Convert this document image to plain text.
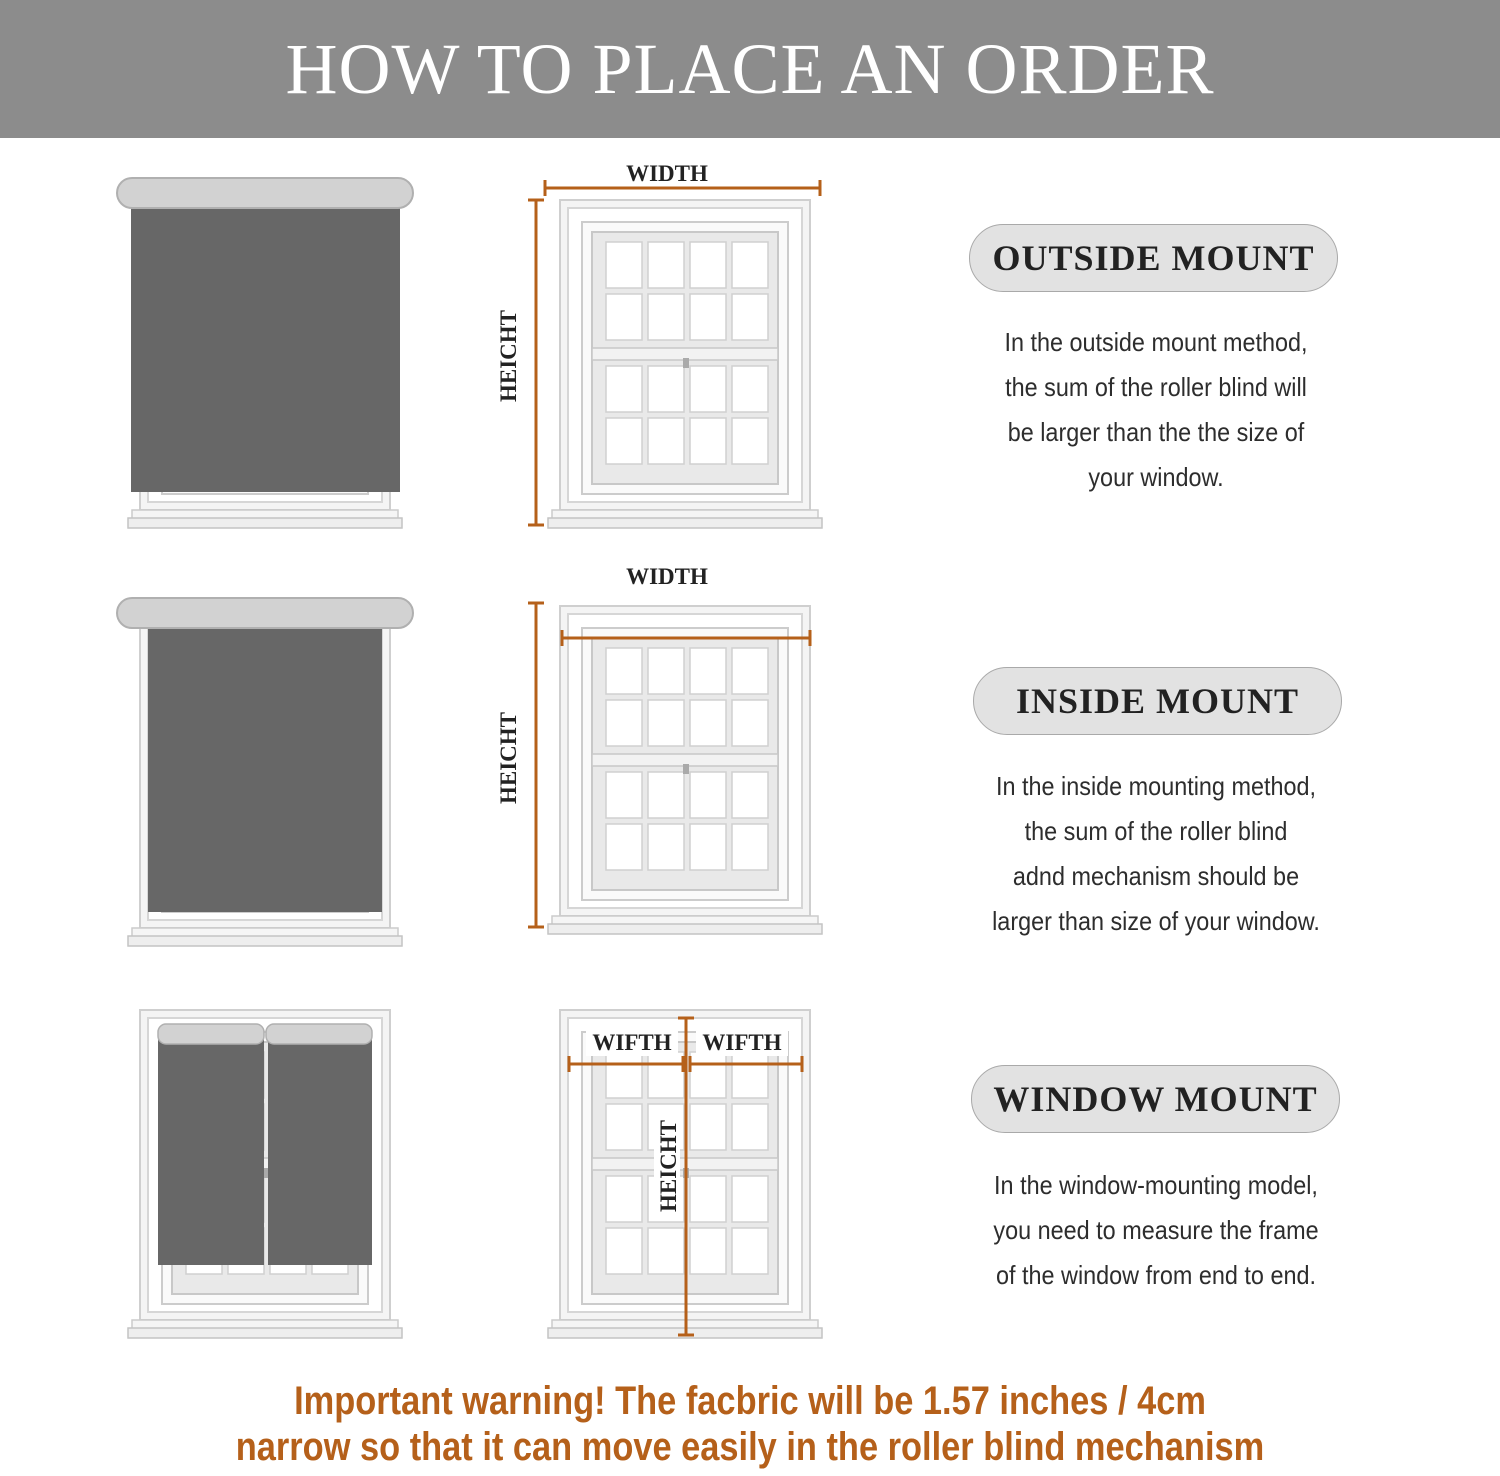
HOW TO PLACE AN ORDER
WIDTH
HEICHT
WIDTH
HEICHT
WIFTH WIFTH
HEICHT
OUTSIDE MOUNT
In the outside mount method,
the sum of the roller blind will
be larger than the the size of
your window.
INSIDE MOUNT
In the inside mounting method,
the sum of the roller blind
adnd mechanism should be
larger than size of your window.
WINDOW MOUNT
In the window-mounting model,
you need to measure the frame
of the window from end to end.
Important warning! The facbric will be 1.57 inches / 4cm
narrow so that it can move easily in the roller blind mechanism
